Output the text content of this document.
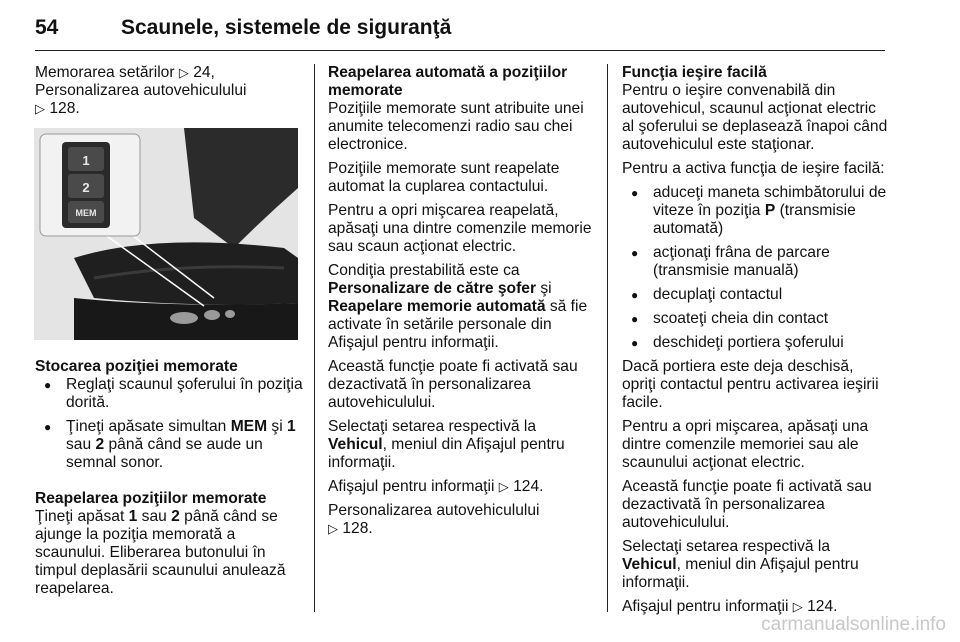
54	Scaunele, sistemele de siguranţă
Memorarea setărilor ▷ 24,
Personalizarea autovehiculului
▷ 128.
1
2
MEM

Stocarea poziţiei memorate

● Reglaţi scaunul şoferului în poziţia dorită.
● Ţineţi apăsate simultan MEM şi 1 sau 2 până când se aude un semnal sonor.

Reapelarea poziţiilor memorate

Ţineţi apăsat 1 sau 2 până când se ajunge la poziţia memorată a scaunului. Eliberarea butonului în timpul deplasării scaunului anulează reapelarea.

Reapelarea automată a poziţiilor memorate

Poziţiile memorate sunt atribuite unei anumite telecomenzi radio sau chei electronice.
Poziţiile memorate sunt reapelate automat la cuplarea contactului.
Pentru a opri mişcarea reapelată, apăsaţi una dintre comenzile memorie sau scaun acţionat electric.
Condiţia prestabilită este ca Personalizare de către şofer şi Reapelare memorie automată să fie activate în setările personale din Afişajul pentru informaţii.
Această funcţie poate fi activată sau dezactivată în personalizarea autovehiculului.
Selectaţi setarea respectivă la Vehicul, meniul din Afişajul pentru informaţii.
Afişajul pentru informaţii ▷ 124.
Personalizarea autovehiculului
▷ 128.

Funcţia ieşire facilă

Pentru o ieşire convenabilă din autovehicul, scaunul acţionat electric al şoferului se deplasează înapoi când autovehiculul este staţionar.
Pentru a activa funcţia de ieşire facilă:
● aduceţi maneta schimbătorului de viteze în poziţia P (transmisie automată)
● acţionaţi frâna de parcare (transmisie manuală)
● decuplaţi contactul
● scoateţi cheia din contact
● deschideţi portiera şoferului
Dacă portiera este deja deschisă, opriţi contactul pentru activarea ieşirii facile.
Pentru a opri mişcarea, apăsaţi una dintre comenzile memoriei sau ale scaunului acţionat electric.
Această funcţie poate fi activată sau dezactivată în personalizarea autovehiculului.
Selectaţi setarea respectivă la Vehicul, meniul din Afişajul pentru informaţii.
Afişajul pentru informaţii ▷ 124.
carmanualsonline.info
